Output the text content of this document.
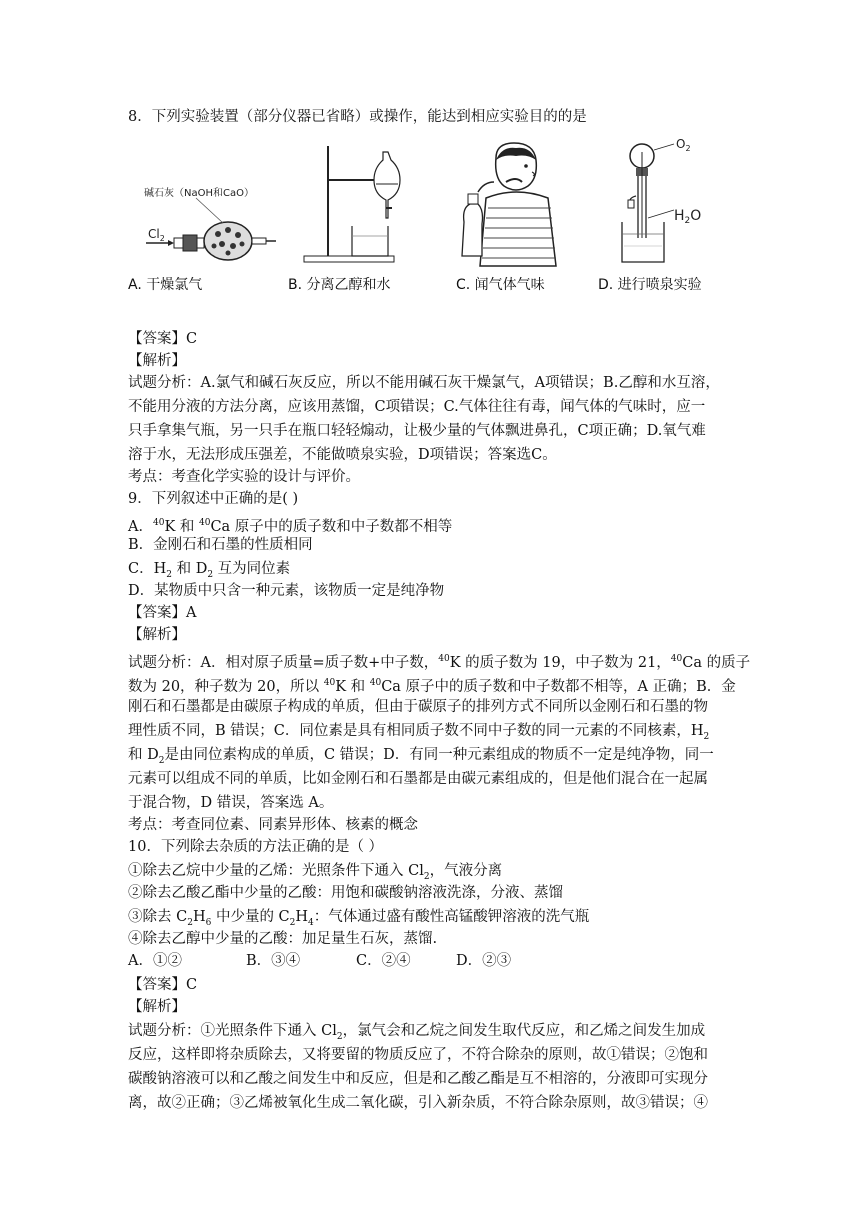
8．下列实验装置（部分仪器已省略）或操作，能达到相应实验目的的是
碱石灰（NaOH和CaO）
$Cl_2$
A. 干燥氯气	B. 分离乙醇和水	C. 闻气体气味
$O_2$
$H_2O$
D. 进行喷泉实验
【答案】C
【解析】
试题分析：A.氯气和碱石灰反应，所以不能用碱石灰干燥氯气，A项错误；B.乙醇和水互溶，
不能用分液的方法分离，应该用蒸馏，C项错误；C.气体往往有毒，闻气体的气味时，应一
只手拿集气瓶，另一只手在瓶口轻轻煽动，让极少量的气体飘进鼻孔，C项正确；D.氧气难
溶于水，无法形成压强差，不能做喷泉实验，D项错误；答案选C。
考点：考查化学实验的设计与评价。
9．下列叙述中正确的是( )
A．$^{40}$K 和 $^{40}$Ca 原子中的质子数和中子数都不相等
B．金刚石和石墨的性质相同
C．$H_2$ 和 $D_2$ 互为同位素
D．某物质中只含一种元素，该物质一定是纯净物
【答案】A
【解析】
试题分析：A．相对原子质量=质子数+中子数，$^{40}$K 的质子数为 19，中子数为 21，$^{40}$Ca 的质子
数为 20，种子数为 20，所以 $^{40}$K 和 $^{40}$Ca 原子中的质子数和中子数都不相等，A 正确；B．金
刚石和石墨都是由碳原子构成的单质，但由于碳原子的排列方式不同所以金刚石和石墨的物
理性质不同，B 错误；C．同位素是具有相同质子数不同中子数的同一元素的不同核素，$H_2$
和 $D_2$是由同位素构成的单质，C 错误；D．有同一种元素组成的物质不一定是纯净物，同一
元素可以组成不同的单质，比如金刚石和石墨都是由碳元素组成的，但是他们混合在一起属
于混合物，D 错误，答案选 A。
考点：考查同位素、同素异形体、核素的概念
10．下列除去杂质的方法正确的是（ ）
①除去乙烷中少量的乙烯：光照条件下通入 $Cl_2$，气液分离
②除去乙酸乙酯中少量的乙酸：用饱和碳酸钠溶液洗涤，分液、蒸馏
③除去 $C_2H_6$ 中少量的 $C_2H_4$：气体通过盛有酸性高锰酸钾溶液的洗气瓶
④除去乙醇中少量的乙酸：加足量生石灰，蒸馏.
A．①②	B．③④	C．②④	D．②③
【答案】C
【解析】
试题分析：①光照条件下通入 $Cl_2$，氯气会和乙烷之间发生取代反应，和乙烯之间发生加成
反应，这样即将杂质除去，又将要留的物质反应了，不符合除杂的原则，故①错误；②饱和
碳酸钠溶液可以和乙酸之间发生中和反应，但是和乙酸乙酯是互不相溶的，分液即可实现分
离，故②正确；③乙烯被氧化生成二氧化碳，引入新杂质，不符合除杂原则，故③错误；④
